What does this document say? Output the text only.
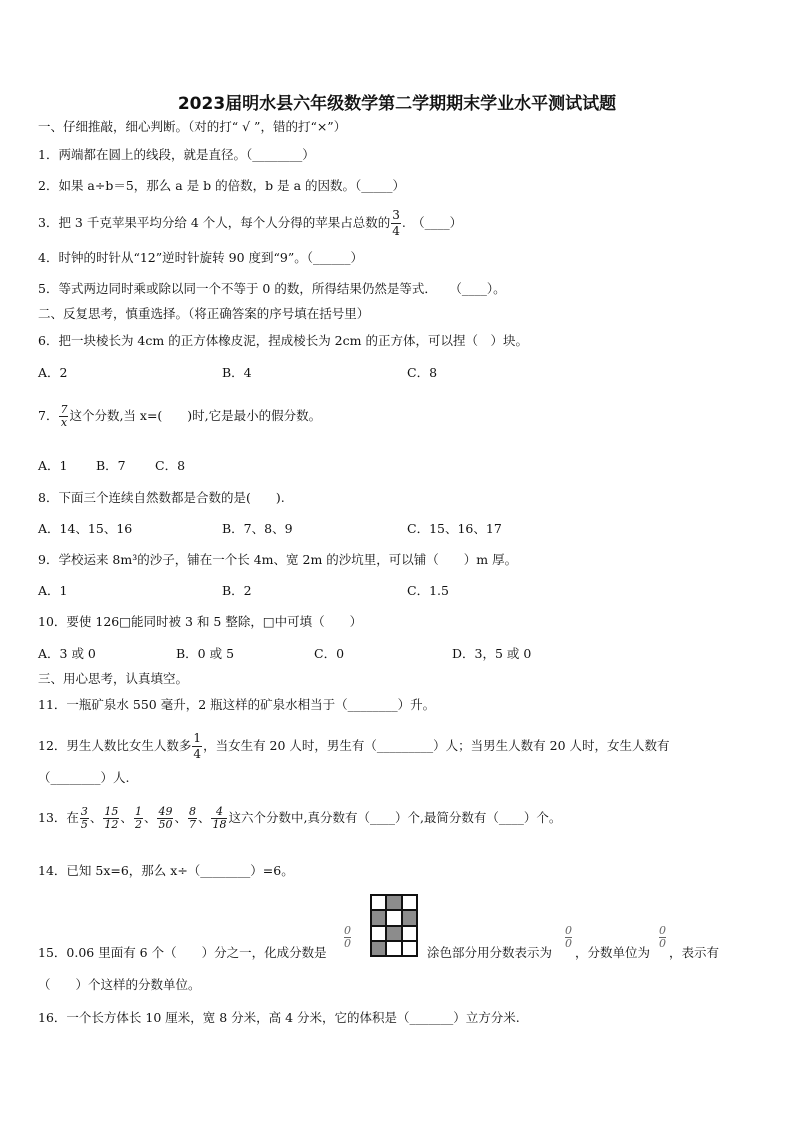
2023届明水县六年级数学第二学期期末学业水平测试试题
一、仔细推敲，细心判断。（对的打“ √ ”，错的打“×”）
1．两端都在圆上的线段，就是直径。（________）
2．如果 a÷b＝5，那么 a 是 b 的倍数，b 是 a 的因数。（_____）
3．把 3 千克苹果平均分给 4 个人，每个人分得的苹果占总数的 $\frac{3}{4}$ .　（____）
4．时钟的时针从“12”逆时针旋转 90 度到“9”。（______）
5．等式两边同时乘或除以同一个不等于 0 的数，所得结果仍然是等式．　　（____）。
二、反复思考，慎重选择。（将正确答案的序号填在括号里）
6．把一块棱长为 4cm 的正方体橡皮泥，捏成棱长为 2cm 的正方体，可以捏（　）块。
A．2	B．4	C．8
7． $\frac{7}{x}$ 这个分数,当 x=(　　)时,它是最小的假分数。
A．1 B．7 C．8
8．下面三个连续自然数都是合数的是(　　).
A．14、15、16	B．7、8、9	C．15、16、17
9．学校运来 8m³的沙子，铺在一个长 4m、宽 2m 的沙坑里，可以铺（　　）m 厚。
A．1	B．2	C．1.5
10．要使 126□能同时被 3 和 5 整除，□中可填（　　）
A．3 或 0	B．0 或 5	C．0	D．3，5 或 0
三、用心思考，认真填空。
11．一瓶矿泉水 550 毫升，2 瓶这样的矿泉水相当于（________）升。
12．男生人数比女生人数多 $\frac{1}{4}$ ，当女生有 20 人时，男生有（_________）人；当男生人数有 20 人时，女生人数有
（________）人.
13．在 $\frac{3}{5}$ 、 $\frac{15}{12}$ 、 $\frac{1}{2}$ 、 $\frac{49}{50}$ 、 $\frac{8}{7}$ 、 $\frac{4}{18}$ 这六个分数中,真分数有（____）个,最简分数有（____）个。
14．已知 5x=6，那么 x÷（________）=6。
15．0.06 里面有 6 个（　　）分之一，化成分数是
$\frac{0}{0}$
涂色部分用分数表示为
$\frac{0}{0}$
，分数单位为
$\frac{0}{0}$
，表示有
（　　）个这样的分数单位。
16．一个长方体长 10 厘米，宽 8 分米，高 4 分米，它的体积是（_______）立方分米.
